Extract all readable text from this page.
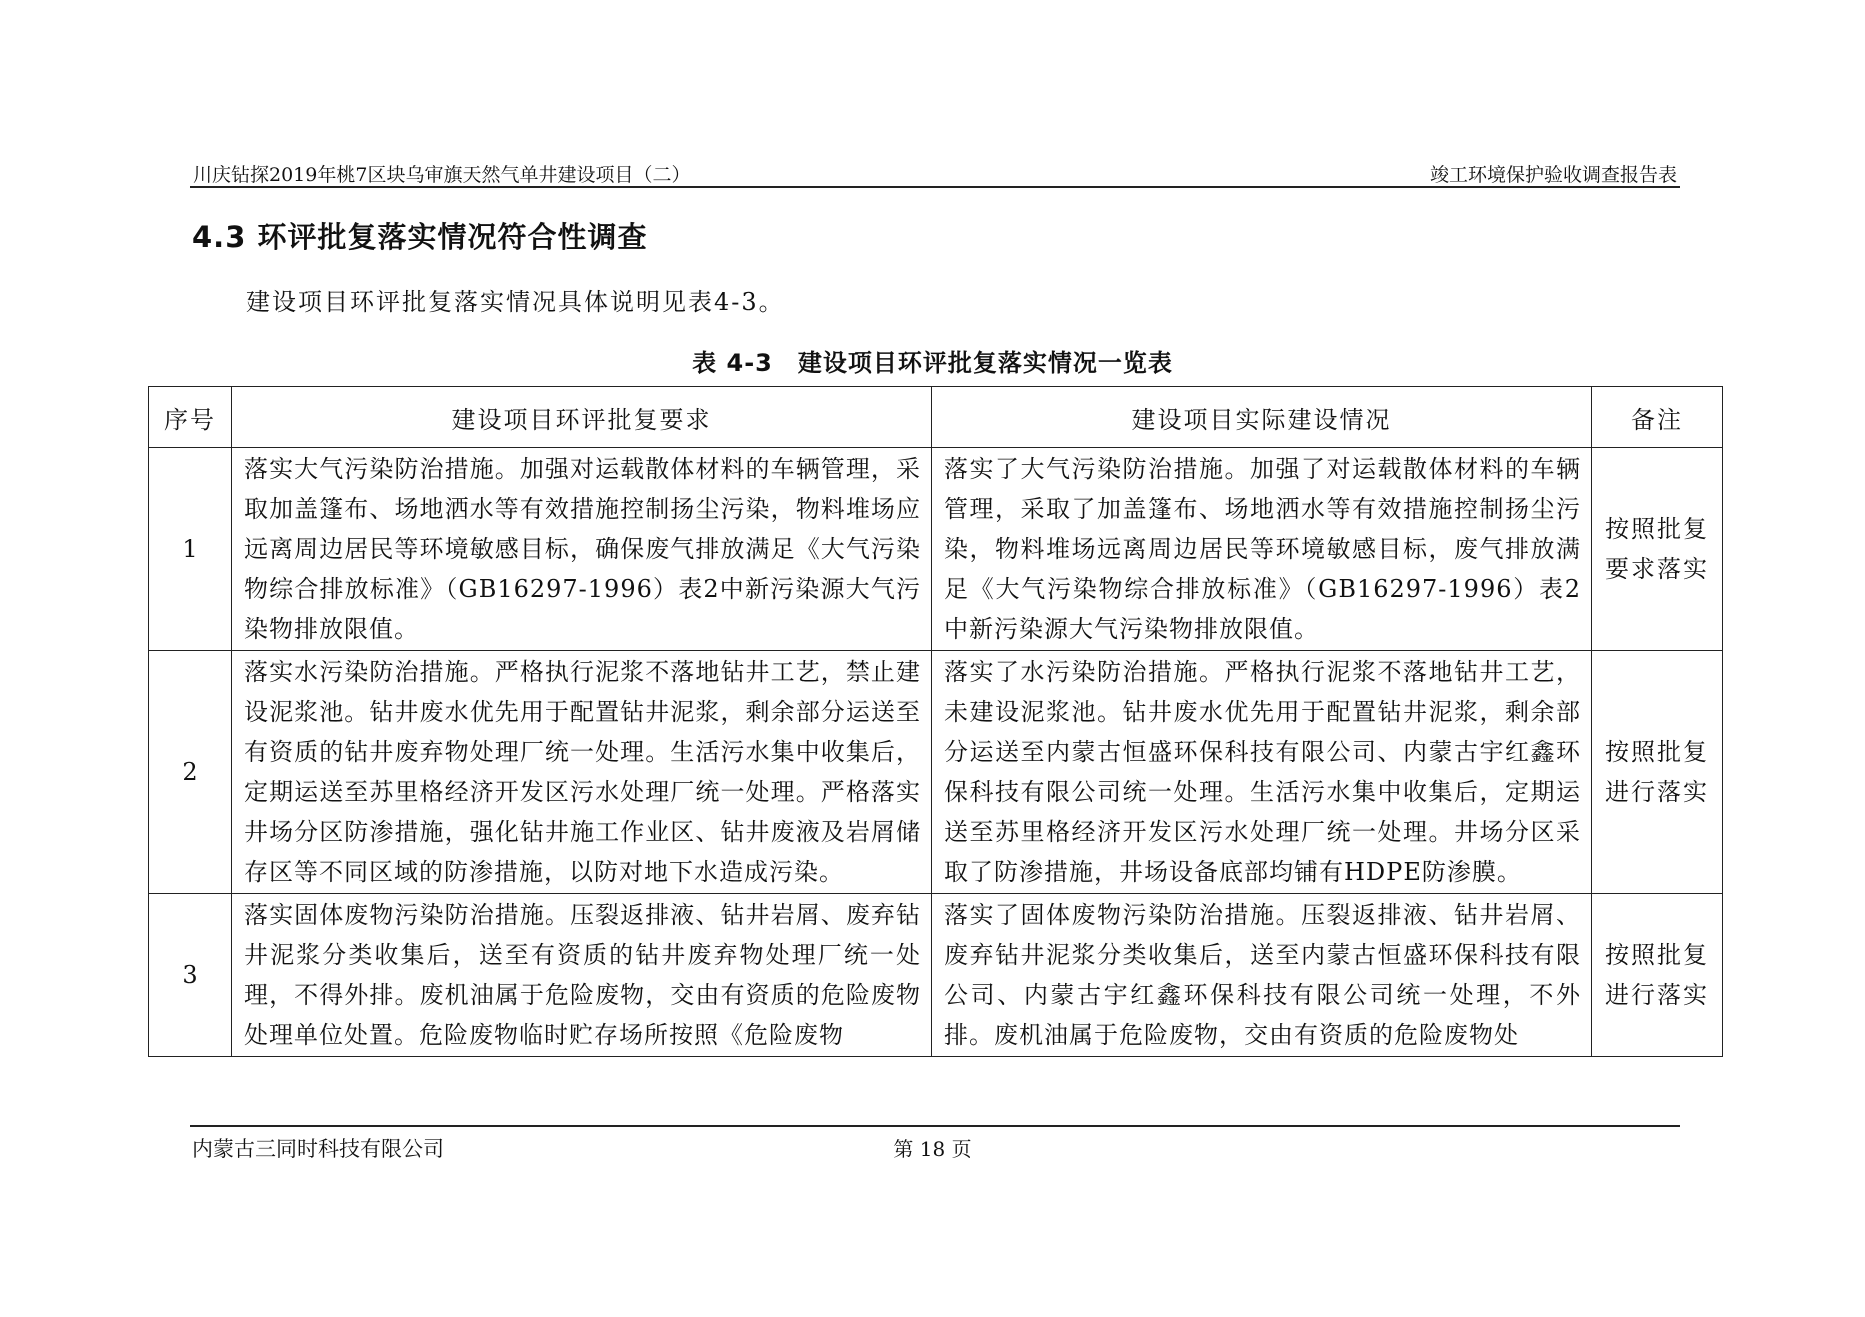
川庆钻探2019年桃7区块乌审旗天然气单井建设项目（二）	竣工环境保护验收调查报告表
4.3 环评批复落实情况符合性调查
建设项目环评批复落实情况具体说明见表4-3。
表 4-3　建设项目环评批复落实情况一览表
序号	建设项目环评批复要求	建设项目实际建设情况	备注
1	落实大气污染防治措施。加强对运载散体材料的车辆管理，采取加盖篷布、场地洒水等有效措施控制扬尘污染，物料堆场应远离周边居民等环境敏感目标，确保废气排放满足《大气污染物综合排放标准》（GB16297-1996）表2中新污染源大气污染物排放限值。	落实了大气污染防治措施。加强了对运载散体材料的车辆管理，采取了加盖篷布、场地洒水等有效措施控制扬尘污染，物料堆场远离周边居民等环境敏感目标，废气排放满足《大气污染物综合排放标准》（GB16297-1996）表2中新污染源大气污染物排放限值。	按照批复要求落实
2	落实水污染防治措施。严格执行泥浆不落地钻井工艺，禁止建设泥浆池。钻井废水优先用于配置钻井泥浆，剩余部分运送至有资质的钻井废弃物处理厂统一处理。生活污水集中收集后，定期运送至苏里格经济开发区污水处理厂统一处理。严格落实井场分区防渗措施，强化钻井施工作业区、钻井废液及岩屑储存区等不同区域的防渗措施，以防对地下水造成污染。	落实了水污染防治措施。严格执行泥浆不落地钻井工艺，未建设泥浆池。钻井废水优先用于配置钻井泥浆，剩余部分运送至内蒙古恒盛环保科技有限公司、内蒙古宇红鑫环保科技有限公司统一处理。生活污水集中收集后，定期运送至苏里格经济开发区污水处理厂统一处理。井场分区采取了防渗措施，井场设备底部均铺有HDPE防渗膜。	按照批复进行落实
3	落实固体废物污染防治措施。压裂返排液、钻井岩屑、废弃钻井泥浆分类收集后，送至有资质的钻井废弃物处理厂统一处理，不得外排。废机油属于危险废物，交由有资质的危险废物处理单位处置。危险废物临时贮存场所按照《危险废物	落实了固体废物污染防治措施。压裂返排液、钻井岩屑、废弃钻井泥浆分类收集后，送至内蒙古恒盛环保科技有限公司、内蒙古宇红鑫环保科技有限公司统一处理，不外排。废机油属于危险废物，交由有资质的危险废物处	按照批复进行落实
内蒙古三同时科技有限公司	第 18 页
